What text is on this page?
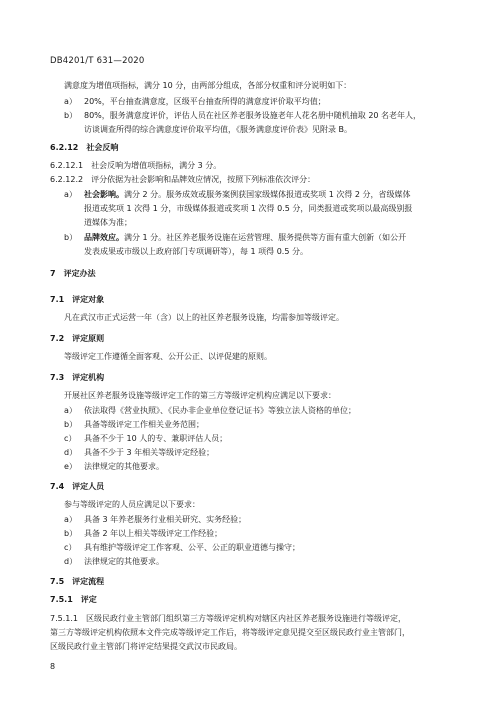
DB4201/T 631—2020
满意度为增值项指标，满分 10 分，由两部分组成，各部分权重和评分说明如下：
a） 20%，平台抽查满意度，区级平台抽查所得的满意度评价取平均值；
b） 80%，服务满意度评价，评估人员在社区养老服务设施老年人花名册中随机抽取 20 名老年人，
访谈调查所得的综合满意度评价取平均值，《服务满意度评价表》见附录 B。
6.2.12　社会反响
6.2.12.1　社会反响为增值项指标，满分 3 分。
6.2.12.2　评分依据为社会影响和品牌效应情况，按照下列标准依次评分：
a） 社会影响。满分 2 分。服务成效或服务案例获国家级媒体报道或奖项 1 次得 2 分，省级媒体
报道或奖项 1 次得 1 分，市级媒体报道或奖项 1 次得 0.5 分，同类报道或奖项以最高级别报
道媒体为准；
b） 品牌效应。满分 1 分。社区养老服务设施在运营管理、服务提供等方面有重大创新（如公开
发表成果或市级以上政府部门专项调研等），每 1 项得 0.5 分。
7　评定办法
7.1　评定对象
凡在武汉市正式运营一年（含）以上的社区养老服务设施，均需参加等级评定。
7.2　评定原则
等级评定工作遵循全面客观、公开公正、以评促建的原则。
7.3　评定机构
开展社区养老服务设施等级评定工作的第三方等级评定机构应满足以下要求：
a） 依法取得《营业执照》、《民办非企业单位登记证书》等独立法人资格的单位；
b） 具备等级评定工作相关业务范围；
c） 具备不少于 10 人的专、兼职评估人员；
d） 具备不少于 3 年相关等级评定经验；
e） 法律规定的其他要求。
7.4　评定人员
参与等级评定的人员应满足以下要求：
a） 具备 3 年养老服务行业相关研究、实务经验；
b） 具备 2 年以上相关等级评定工作经验；
c） 具有维护等级评定工作客观、公平、公正的职业道德与操守；
d） 法律规定的其他要求。
7.5　评定流程
7.5.1　评定
7.5.1.1　区级民政行业主管部门组织第三方等级评定机构对辖区内社区养老服务设施进行等级评定，
第三方等级评定机构依照本文件完成等级评定工作后，将等级评定意见提交至区级民政行业主管部门，
区级民政行业主管部门将评定结果提交武汉市民政局。
8
